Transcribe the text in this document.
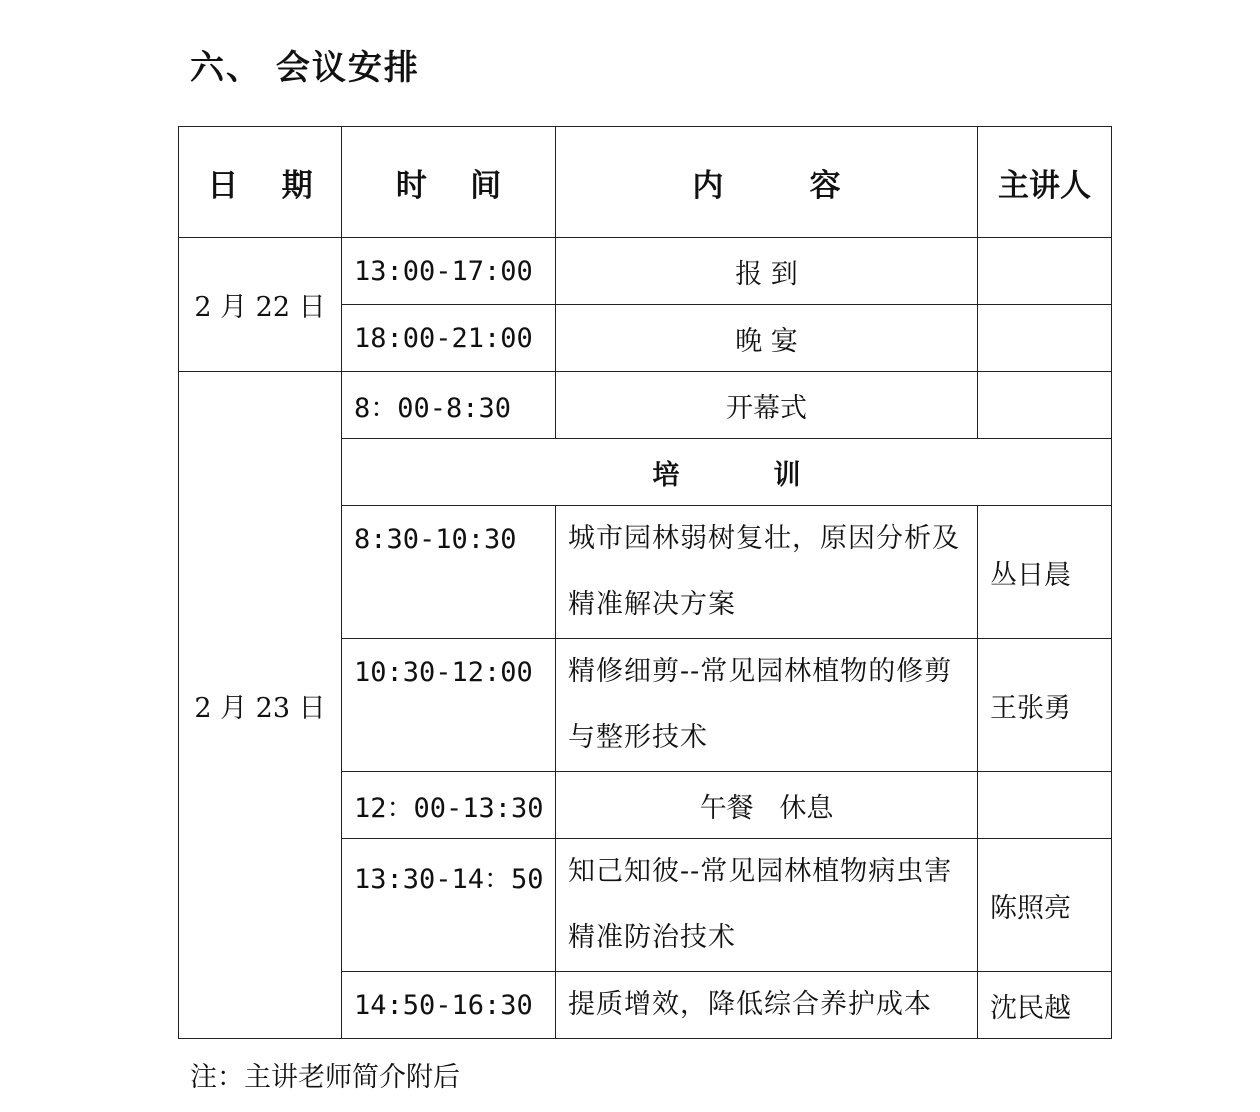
六、 会议安排
日    期	时    间	内        容	主讲人
2 月 22 日	13:00-17:00	报 到	
	18:00-21:00	晚 宴	
2 月 23 日	8：00-8:30	开幕式	
	培          训		
	8:30-10:30	城市园林弱树复壮，原因分析及精准解决方案	丛日晨
	10:30-12:00	精修细剪--常见园林植物的修剪与整形技术	王张勇
	12：00-13:30	午餐   休息	
	13:30-14：50	知己知彼--常见园林植物病虫害精准防治技术	陈照亮
	14:50-16:30	提质增效，降低综合养护成本	沈民越
注：主讲老师简介附后
